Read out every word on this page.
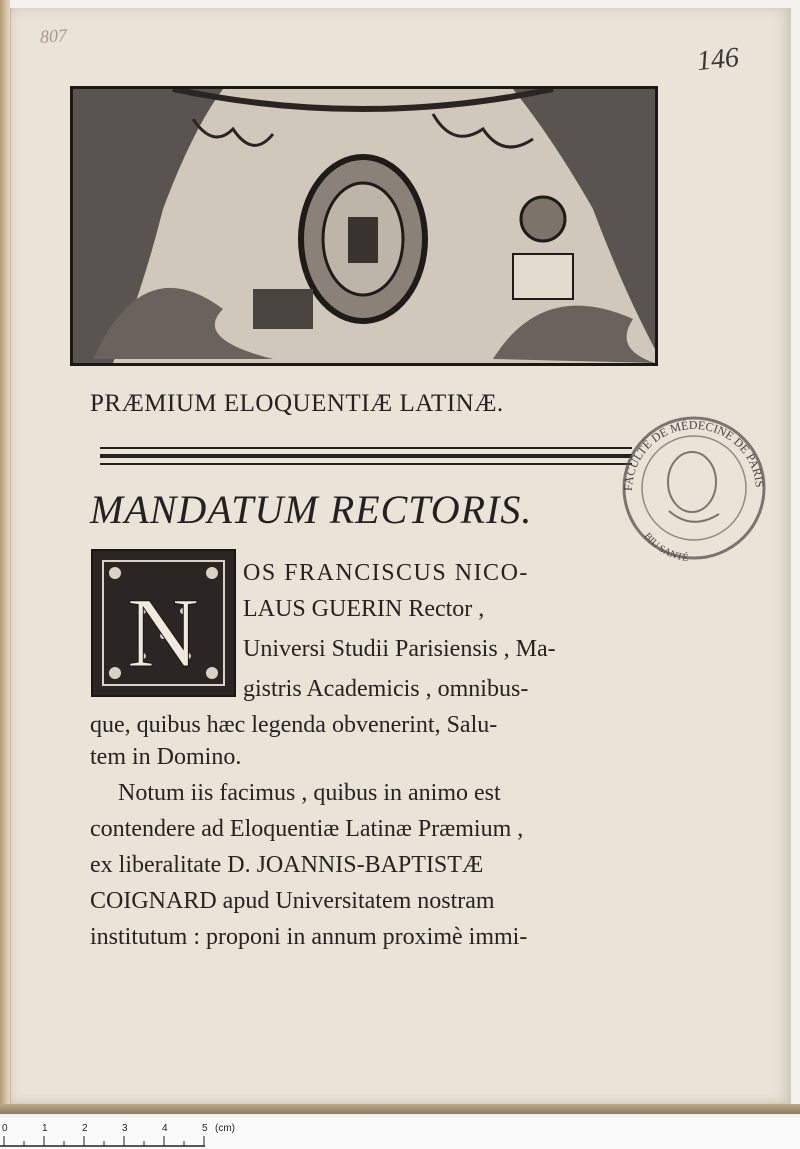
807
146
PRÆMIUM ELOQUENTIÆ LATINÆ.
MANDATUM RECTORIS.
N
OS FRANCISCUS NICO-
LAUS GUERIN Rector ,
Universi Studii Parisiensis , Ma-
gistris Academicis , omnibus-
que, quibus hæc legenda obvenerint, Salu-
tem in Domino.
Notum iis facimus , quibus in animo est
contendere ad Eloquentiæ Latinæ Præmium ,
ex liberalitate D. JOANNIS-BAPTISTÆ
COIGNARD apud Universitatem nostram
institutum : proponi in annum proximè immi-
FACULTÉ DE MÉDECINE DE PARIS
BIU SANTÉ
0	1	2	3	4	5 (cm)
